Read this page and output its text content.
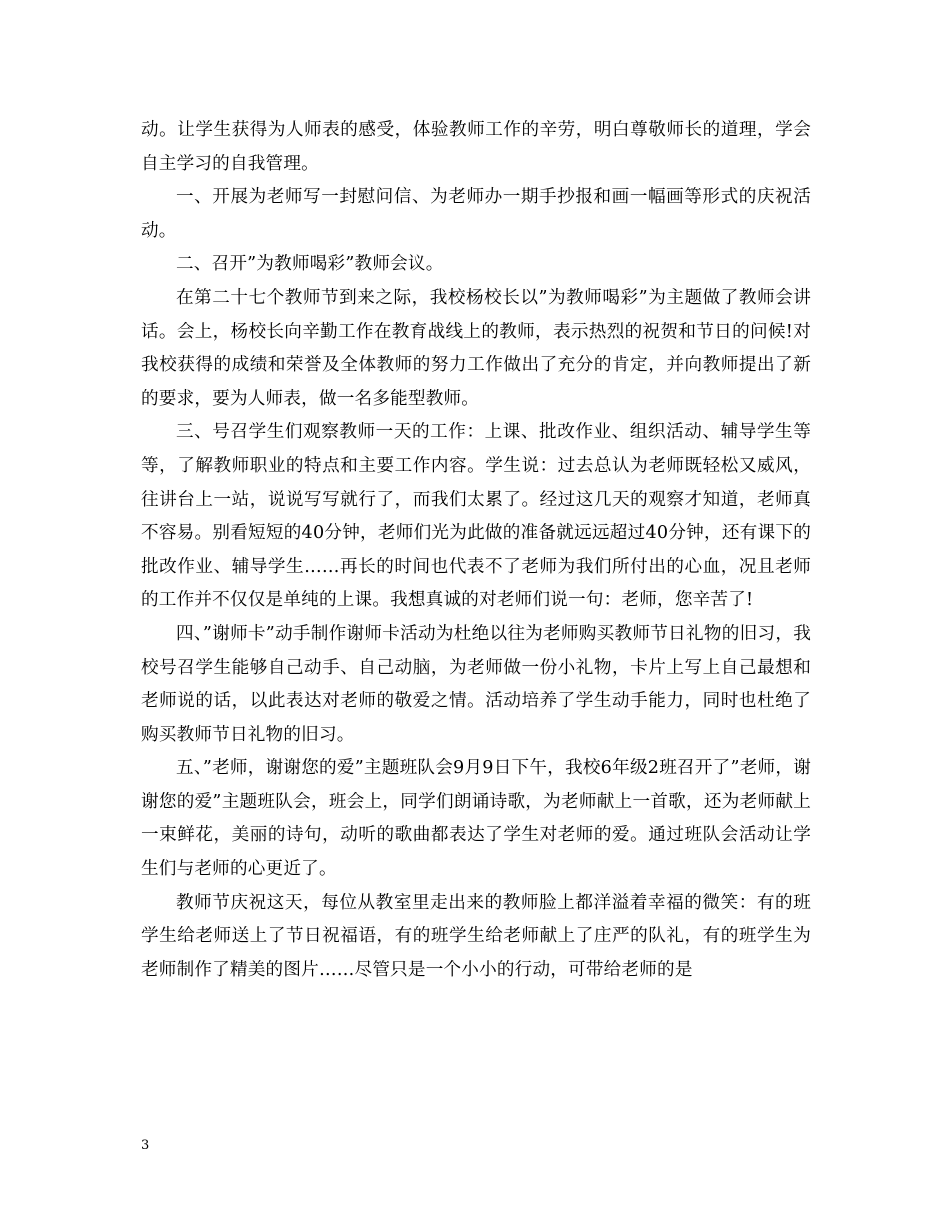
动。让学生获得为人师表的感受，体验教师工作的辛劳，明白尊敬师长的道理，学会自主学习的自我管理。

一、开展为老师写一封慰问信、为老师办一期手抄报和画一幅画等形式的庆祝活动。

二、召开”为教师喝彩”教师会议。

在第二十七个教师节到来之际，我校杨校长以”为教师喝彩”为主题做了教师会讲话。会上，杨校长向辛勤工作在教育战线上的教师，表示热烈的祝贺和节日的问候!对我校获得的成绩和荣誉及全体教师的努力工作做出了充分的肯定，并向教师提出了新的要求，要为人师表，做一名多能型教师。

三、号召学生们观察教师一天的工作：上课、批改作业、组织活动、辅导学生等等，了解教师职业的特点和主要工作内容。学生说：过去总认为老师既轻松又威风，往讲台上一站，说说写写就行了，而我们太累了。经过这几天的观察才知道，老师真不容易。别看短短的40分钟，老师们光为此做的准备就远远超过40分钟，还有课下的批改作业、辅导学生……再长的时间也代表不了老师为我们所付出的心血，况且老师的工作并不仅仅是单纯的上课。我想真诚的对老师们说一句：老师，您辛苦了!

四、”谢师卡”动手制作谢师卡活动为杜绝以往为老师购买教师节日礼物的旧习，我校号召学生能够自己动手、自己动脑，为老师做一份小礼物，卡片上写上自己最想和老师说的话，以此表达对老师的敬爱之情。活动培养了学生动手能力，同时也杜绝了购买教师节日礼物的旧习。

五、”老师，谢谢您的爱”主题班队会9月9日下午，我校6年级2班召开了”老师，谢谢您的爱”主题班队会，班会上，同学们朗诵诗歌，为老师献上一首歌，还为老师献上一束鲜花，美丽的诗句，动听的歌曲都表达了学生对老师的爱。通过班队会活动让学生们与老师的心更近了。

教师节庆祝这天，每位从教室里走出来的教师脸上都洋溢着幸福的微笑：有的班学生给老师送上了节日祝福语，有的班学生给老师献上了庄严的队礼，有的班学生为老师制作了精美的图片……尽管只是一个小小的行动，可带给老师的是

3
